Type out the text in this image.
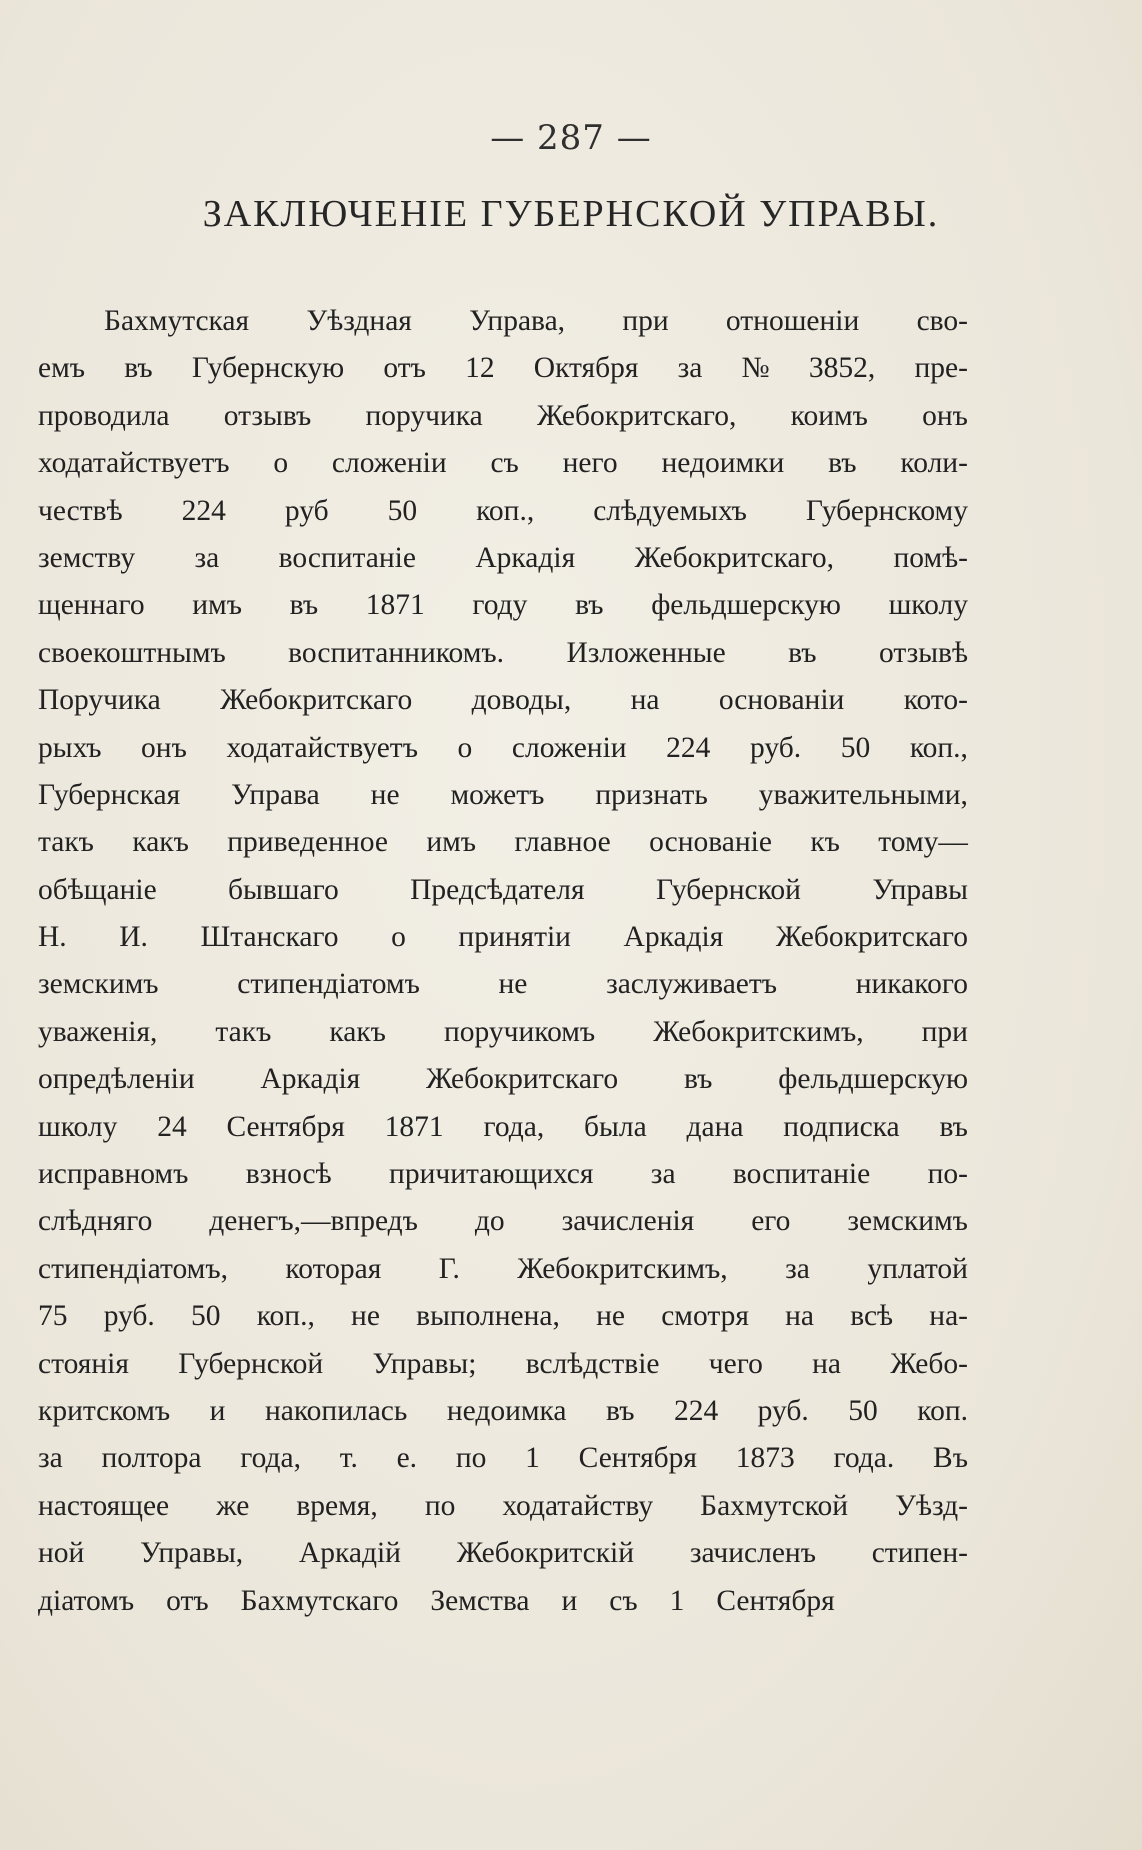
— 287 —
ЗАКЛЮЧЕНIЕ ГУБЕРНСКОЙ УПРАВЫ.
Бахмутская Уѣздная Управа, при отношенiи сво-
емъ въ Губернскую отъ 12 Октября за № 3852, пре-
проводила отзывъ поручика Жебокритскаго, коимъ онъ
ходатайствуетъ о сложенiи съ него недоимки въ коли-
чествѣ 224 руб 50 коп., слѣдуемыхъ Губернскому
земству за воспитанiе Аркадiя Жебокритскаго, помѣ-
щеннаго имъ въ 1871 году въ фельдшерскую школу
своекоштнымъ воспитанникомъ. Изложенные въ отзывѣ
Поручика Жебокритскаго доводы, на основанiи кото-
рыхъ онъ ходатайствуетъ о сложенiи 224 руб. 50 коп.,
Губернская Управа не можетъ признать уважительными,
такъ какъ приведенное имъ главное основанiе къ тому—
обѣщанiе бывшаго Предсѣдателя Губернской Управы
Н. И. Штанскаго о принятiи Аркадiя Жебокритскаго
земскимъ	стипендiатомъ	не	заслуживаетъ	никакого
уваженiя, такъ какъ поручикомъ Жебокритскимъ, при
опредѣленiи Аркадiя Жебокритскаго въ фельдшерскую
школу 24 Сентября 1871 года, была дана подписка въ
исправномъ взносѣ причитающихся за воспитанiе по-
слѣдняго денегъ,—впредъ до зачисленiя его земскимъ
стипендiатомъ, которая Г. Жебокритскимъ, за уплатой
75 руб. 50 коп., не выполнена, не смотря на всѣ на-
стоянiя Губернской Управы; вслѣдствiе чего на Жебо-
критскомъ и накопилась недоимка въ 224 руб. 50 коп.
за полтора года, т. е. по 1 Сентября 1873 года. Въ
настоящее же время, по ходатайству Бахмутской Уѣзд-
ной Управы, Аркадiй Жебокритскiй зачисленъ стипен-
дiатомъ отъ Бахмутскаго Земства и съ 1 Сентября
